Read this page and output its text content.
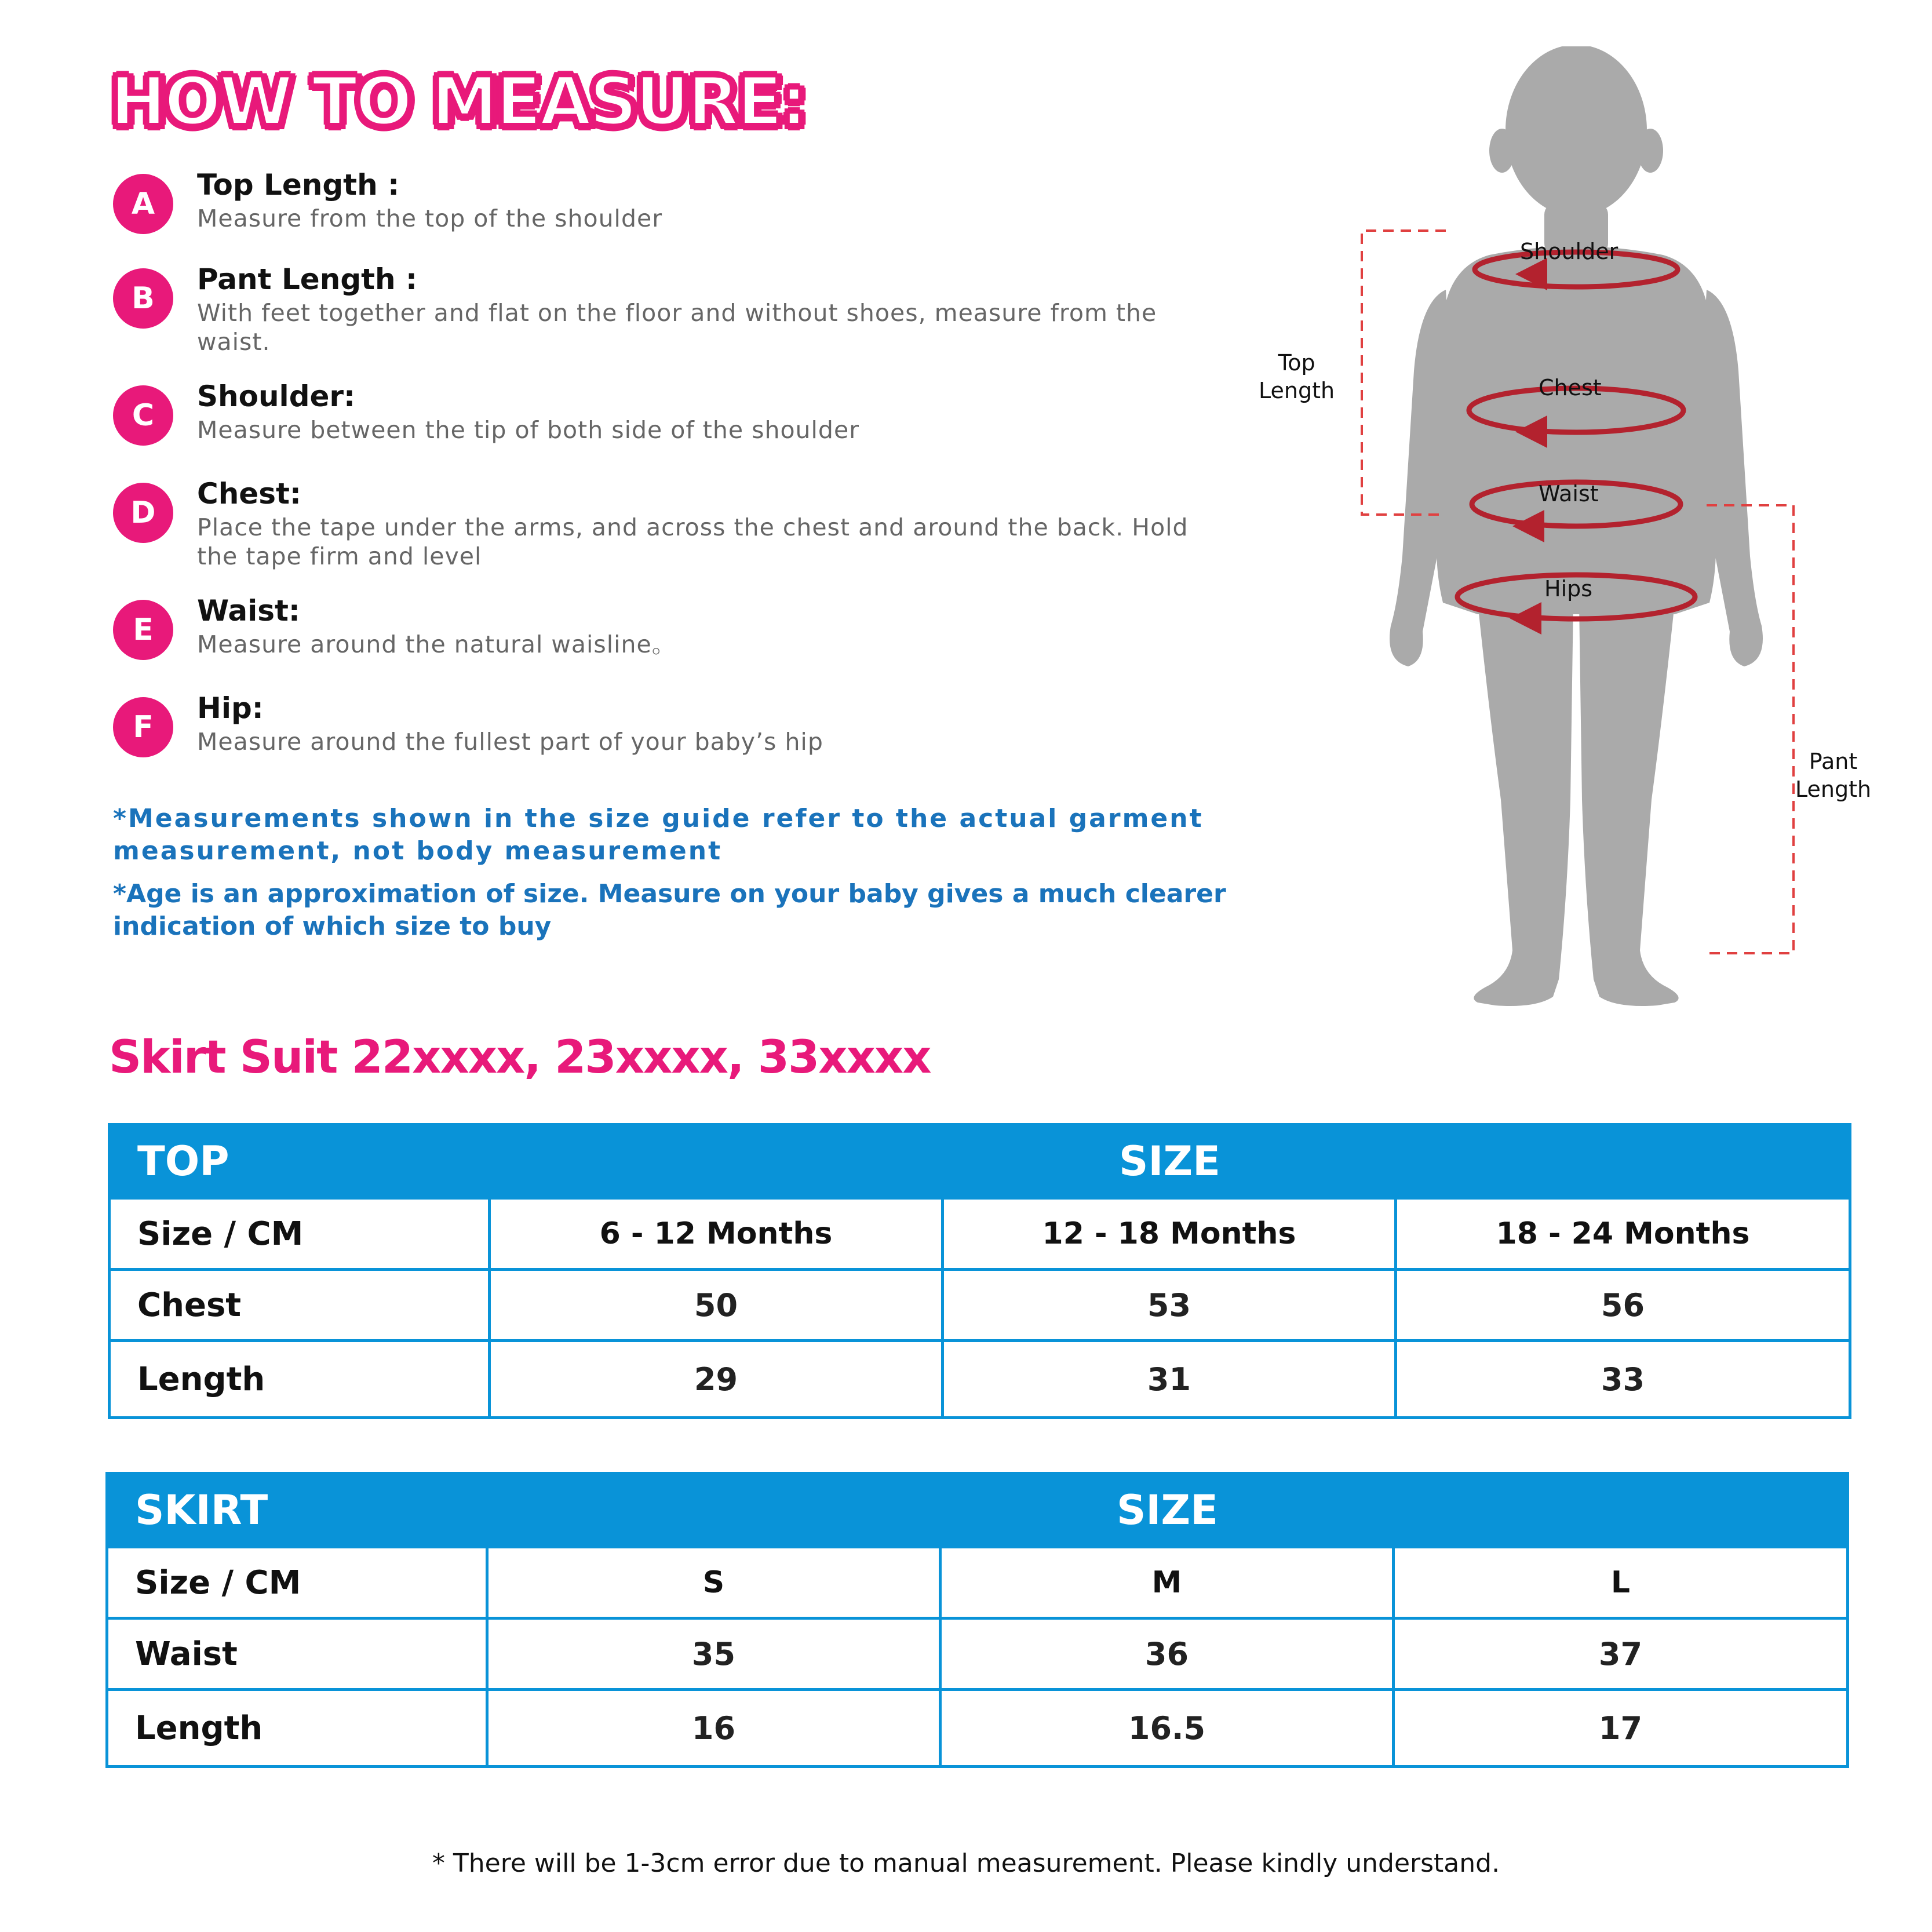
HOW TO MEASURE:
A
Top Length :
Measure from the top of the shoulder
B
Pant Length :
With feet together and flat on the floor and without shoes, measure from the waist.
C
Shoulder:
Measure between the tip of both side of the shoulder
D
Chest:
Place the tape under the arms, and across the chest and around the back. Hold the tape firm and level
E
Waist:
Measure around the natural waisline。
F
Hip:
Measure around the fullest part of your baby’s hip
*Measurements shown in the size guide refer to the actual garment measurement, not body measurement
*Age is an approximation of size. Measure on your baby gives a much clearer indication of which size to buy
Shoulder
Chest
Waist
Hips
Top
Length
Pant
Length
Skirt Suit 22xxxx, 23xxxx, 33xxxx
TOP	SIZE		
Size / CM	6 - 12 Months	12 - 18 Months	18 - 24 Months
Chest	50	53	56
Length	29	31	33
SKIRT	SIZE		
Size / CM	S	M	L
Waist	35	36	37
Length	16	16.5	17
* There will be 1-3cm error due to manual measurement. Please kindly understand.
